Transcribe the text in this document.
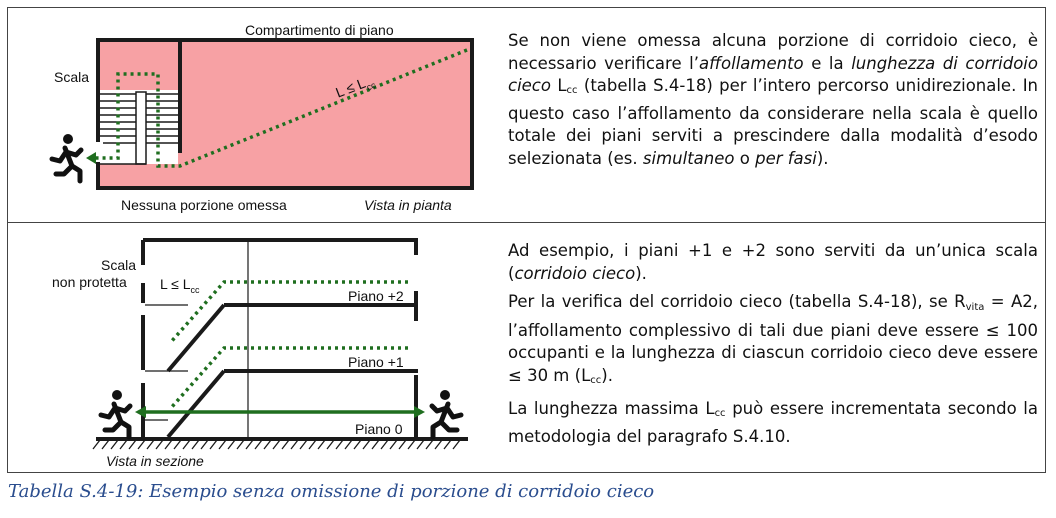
Compartimento di piano
Scala	$L \le L_{cc}$
Nessuna porzione omessa	Vista in pianta

Se non viene omessa alcuna porzione di corridoio cieco, è necessario verificare l’affollamento e la lunghezza di corridoio cieco $L_{cc}$ (tabella S.4-18) per l’intero percorso unidirezionale. In questo caso l’affollamento da considerare nella scala è quello totale dei piani serviti a prescindere dalla modalità d’esodo selezionata (es. simultaneo o per fasi).

Scala
non protetta $L \le L_{cc}$	Piano +2
Piano +1
Piano 0
Vista in sezione

Ad esempio, i piani +1 e +2 sono serviti da un’unica scala (corridoio cieco).

Per la verifica del corridoio cieco (tabella S.4-18), se Rvita = A2, l’affollamento complessivo di tali due piani deve essere ≤ 100 occupanti e la lunghezza di ciascun corridoio cieco deve essere ≤ 30 m $(L_{cc})$.

La lunghezza massima $L_{cc}$ può essere incrementata secondo la metodologia del paragrafo S.4.10.

Tabella S.4-19: Esempio senza omissione di porzione di corridoio cieco
